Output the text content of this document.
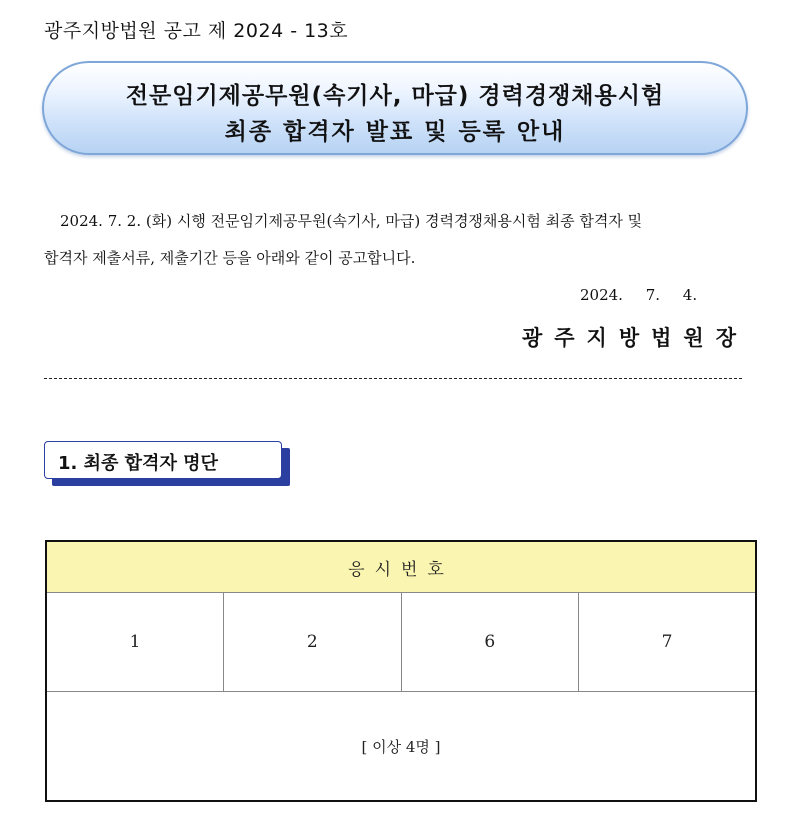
광주지방법원 공고 제 2024 - 13호
전문임기제공무원(속기사, 마급) 경력경쟁채용시험
최종 합격자 발표 및 등록 안내
2024. 7. 2. (화) 시행 전문임기제공무원(속기사, 마급) 경력경쟁채용시험 최종 합격자 및
합격자 제출서류, 제출기간 등을 아래와 같이 공고합니다.
2024. 7. 4.
광주지방법원장
1. 최종 합격자 명단
응시번호
1	2	6	7
[ 이상 4명 ]
